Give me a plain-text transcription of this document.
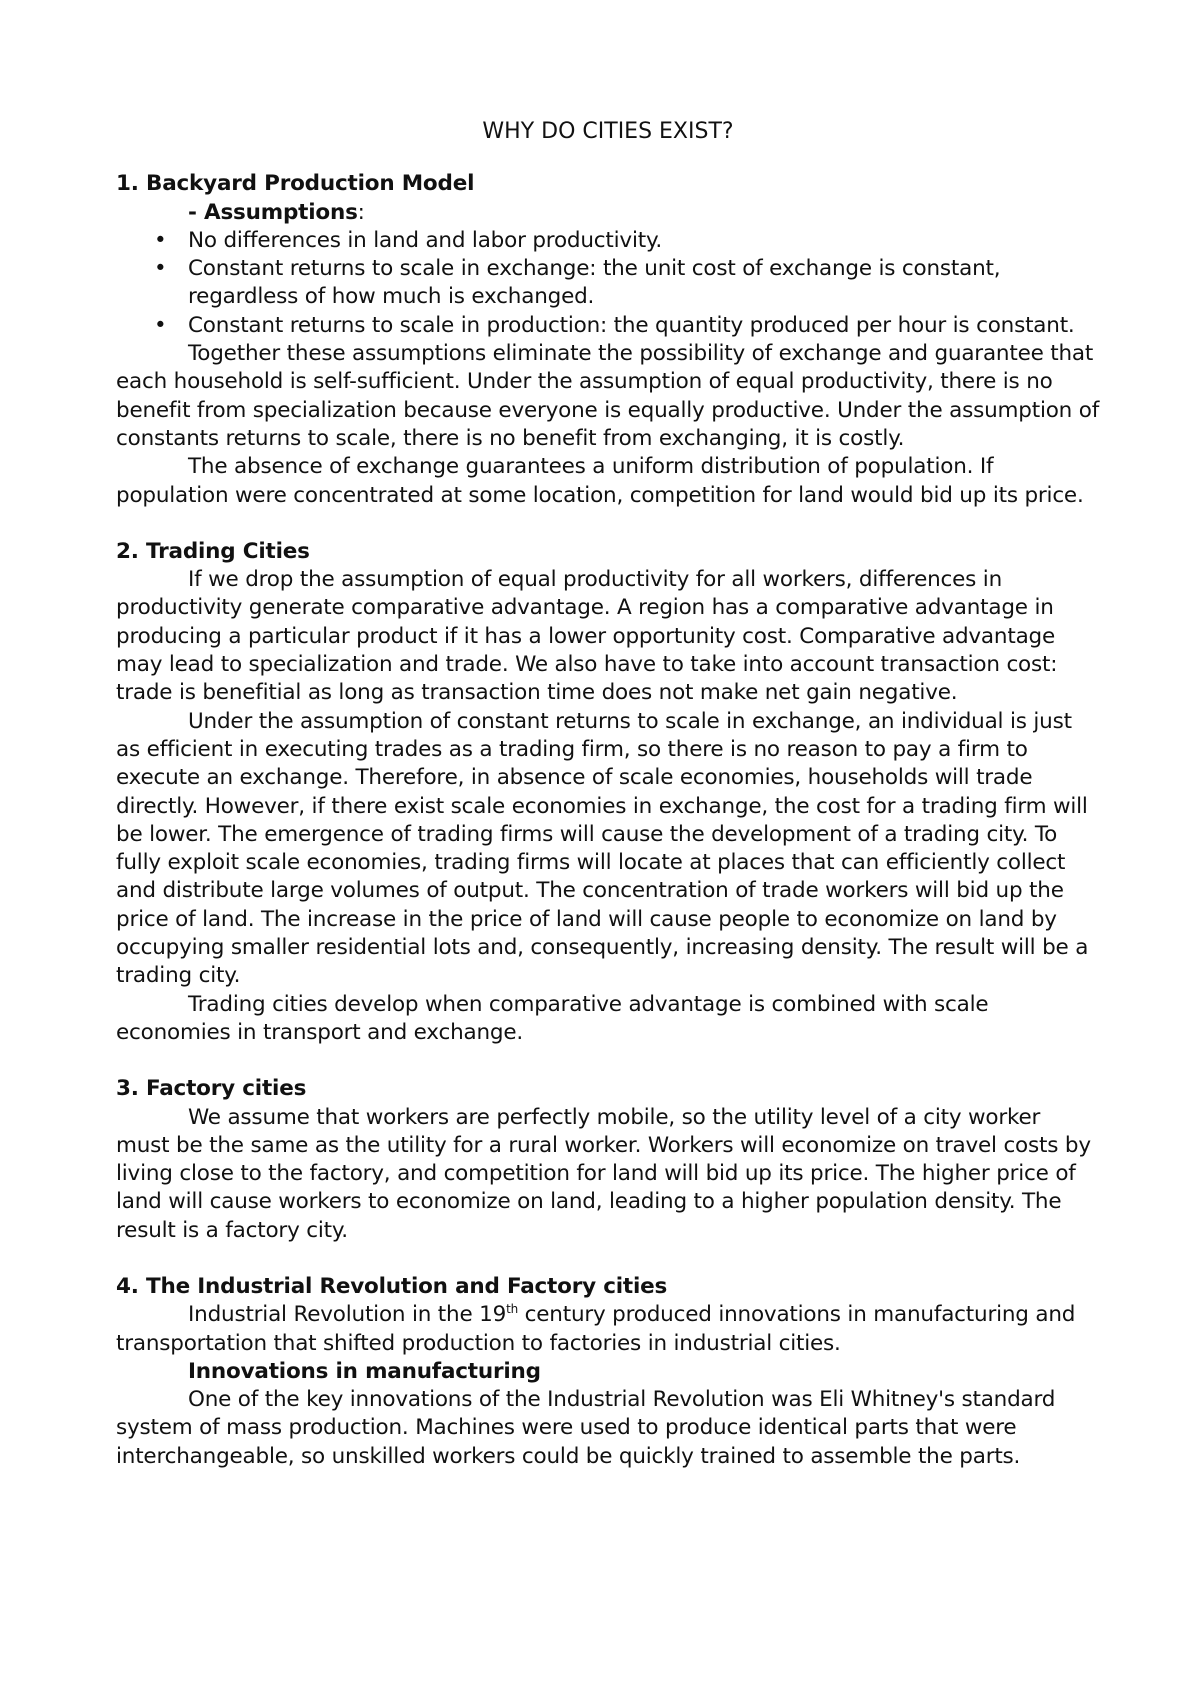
WHY DO CITIES EXIST?

1. Backyard Production Model

- Assumptions:

• No differences in land and labor productivity.
• Constant returns to scale in exchange: the unit cost of exchange is constant, regardless of how much is exchanged.
• Constant returns to scale in production: the quantity produced per hour is constant.

Together these assumptions eliminate the possibility of exchange and guarantee that each household is self-sufficient. Under the assumption of equal productivity, there is no benefit from specialization because everyone is equally productive. Under the assumption of constants returns to scale, there is no benefit from exchanging, it is costly.

The absence of exchange guarantees a uniform distribution of population. If population were concentrated at some location, competition for land would bid up its price.

2. Trading Cities

If we drop the assumption of equal productivity for all workers, differences in productivity generate comparative advantage. A region has a comparative advantage in producing a particular product if it has a lower opportunity cost. Comparative advantage may lead to specialization and trade. We also have to take into account transaction cost: trade is benefitial as long as transaction time does not make net gain negative.

Under the assumption of constant returns to scale in exchange, an individual is just as efficient in executing trades as a trading firm, so there is no reason to pay a firm to execute an exchange. Therefore, in absence of scale economies, households will trade directly. However, if there exist scale economies in exchange, the cost for a trading firm will be lower. The emergence of trading firms will cause the development of a trading city. To fully exploit scale economies, trading firms will locate at places that can efficiently collect and distribute large volumes of output. The concentration of trade workers will bid up the price of land. The increase in the price of land will cause people to economize on land by occupying smaller residential lots and, consequently, increasing density. The result will be a trading city.

Trading cities develop when comparative advantage is combined with scale economies in transport and exchange.

3. Factory cities

We assume that workers are perfectly mobile, so the utility level of a city worker must be the same as the utility for a rural worker. Workers will economize on travel costs by living close to the factory, and competition for land will bid up its price. The higher price of land will cause workers to economize on land, leading to a higher population density. The result is a factory city.

4. The Industrial Revolution and Factory cities

Industrial Revolution in the 19th century produced innovations in manufacturing and transportation that shifted production to factories in industrial cities.

Innovations in manufacturing

One of the key innovations of the Industrial Revolution was Eli Whitney's standard system of mass production. Machines were used to produce identical parts that were interchangeable, so unskilled workers could be quickly trained to assemble the parts.
